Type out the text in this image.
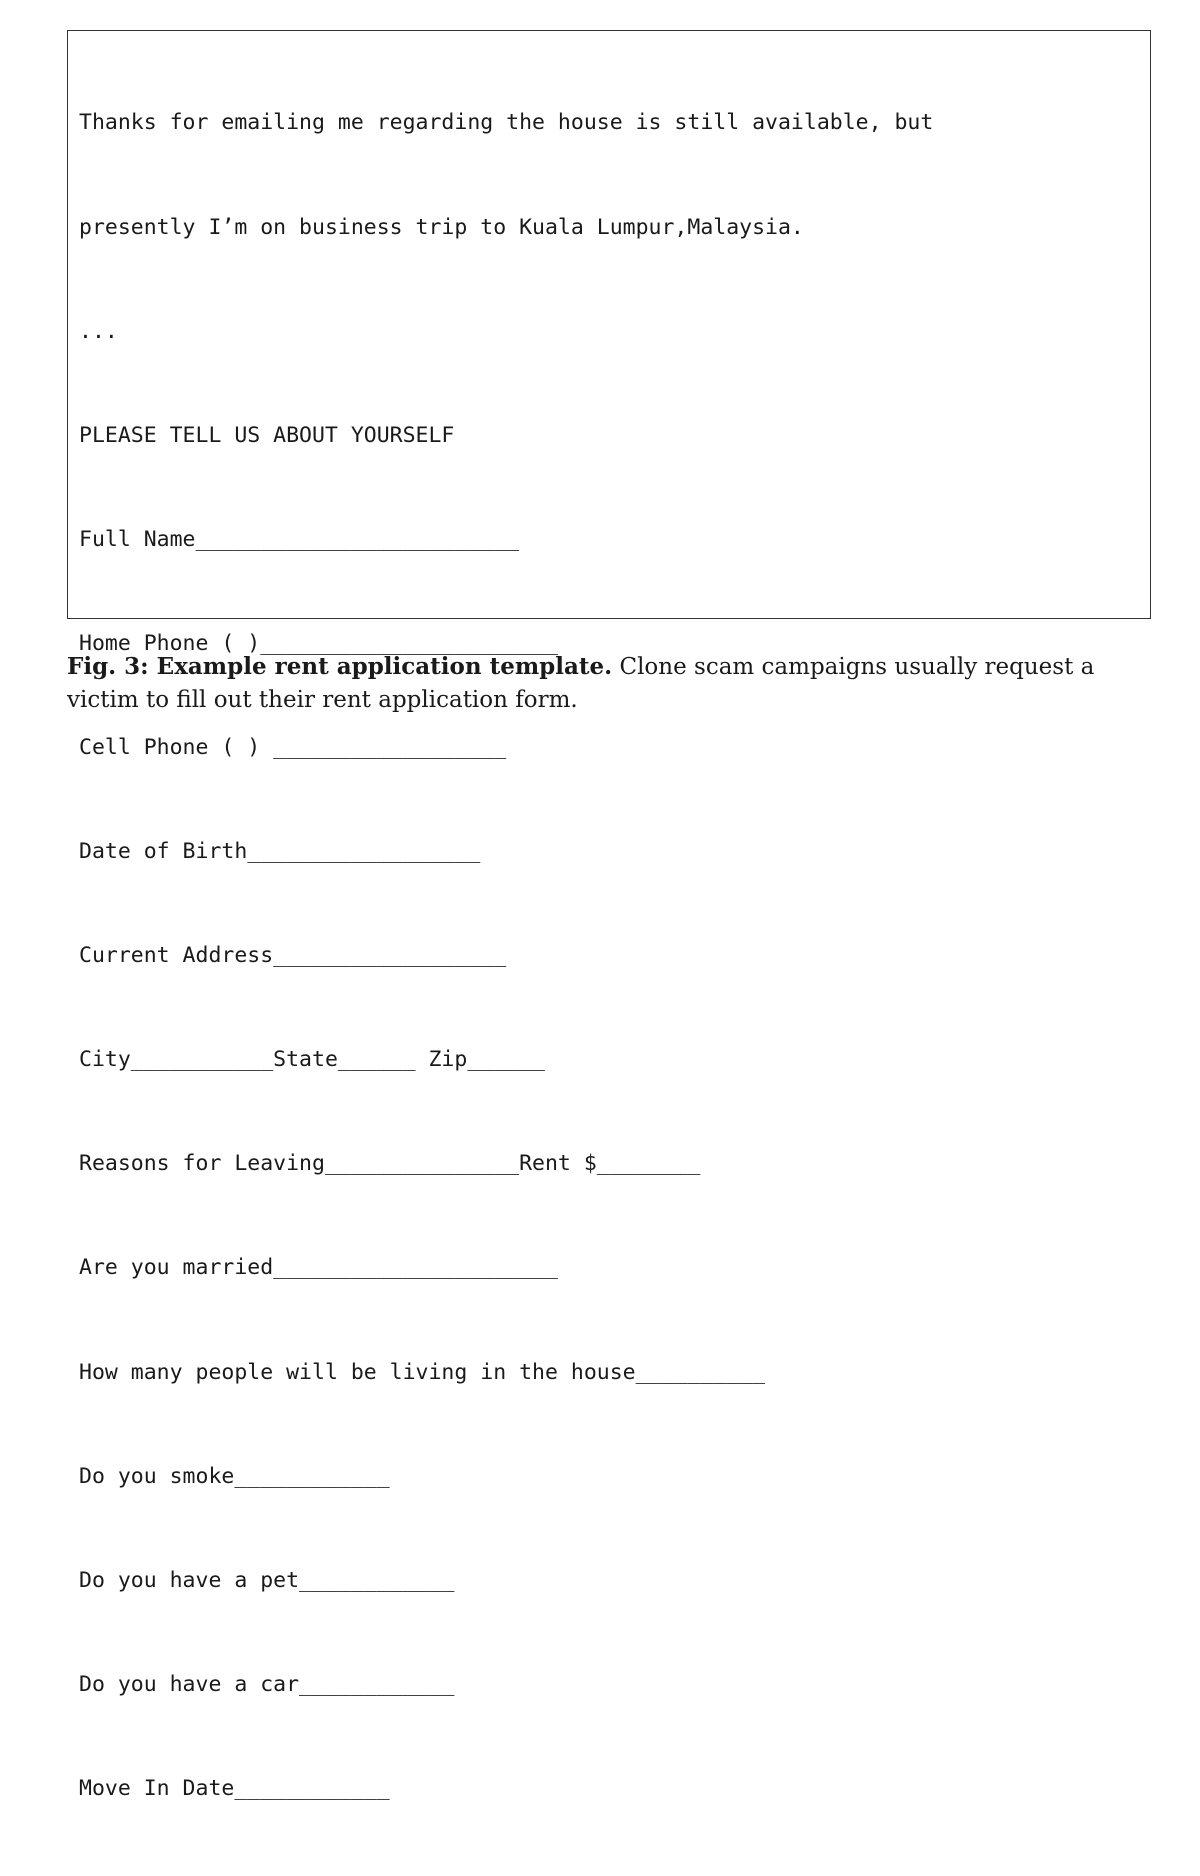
Thanks for emailing me regarding the house is still available, but

presently I’m on business trip to Kuala Lumpur,Malaysia.

...

PLEASE TELL US ABOUT YOURSELF

Full Name_________________________

Home Phone ( )_______________________

Cell Phone ( ) __________________

Date of Birth__________________

Current Address__________________

City___________State______ Zip______

Reasons for Leaving_______________Rent $________

Are you married______________________

How many people will be living in the house__________

Do you smoke____________

Do you have a pet____________

Do you have a car____________

Move In Date____________

Fig. 3: Example rent application template. Clone scam campaigns usually request a victim to fill out their rent application form.
